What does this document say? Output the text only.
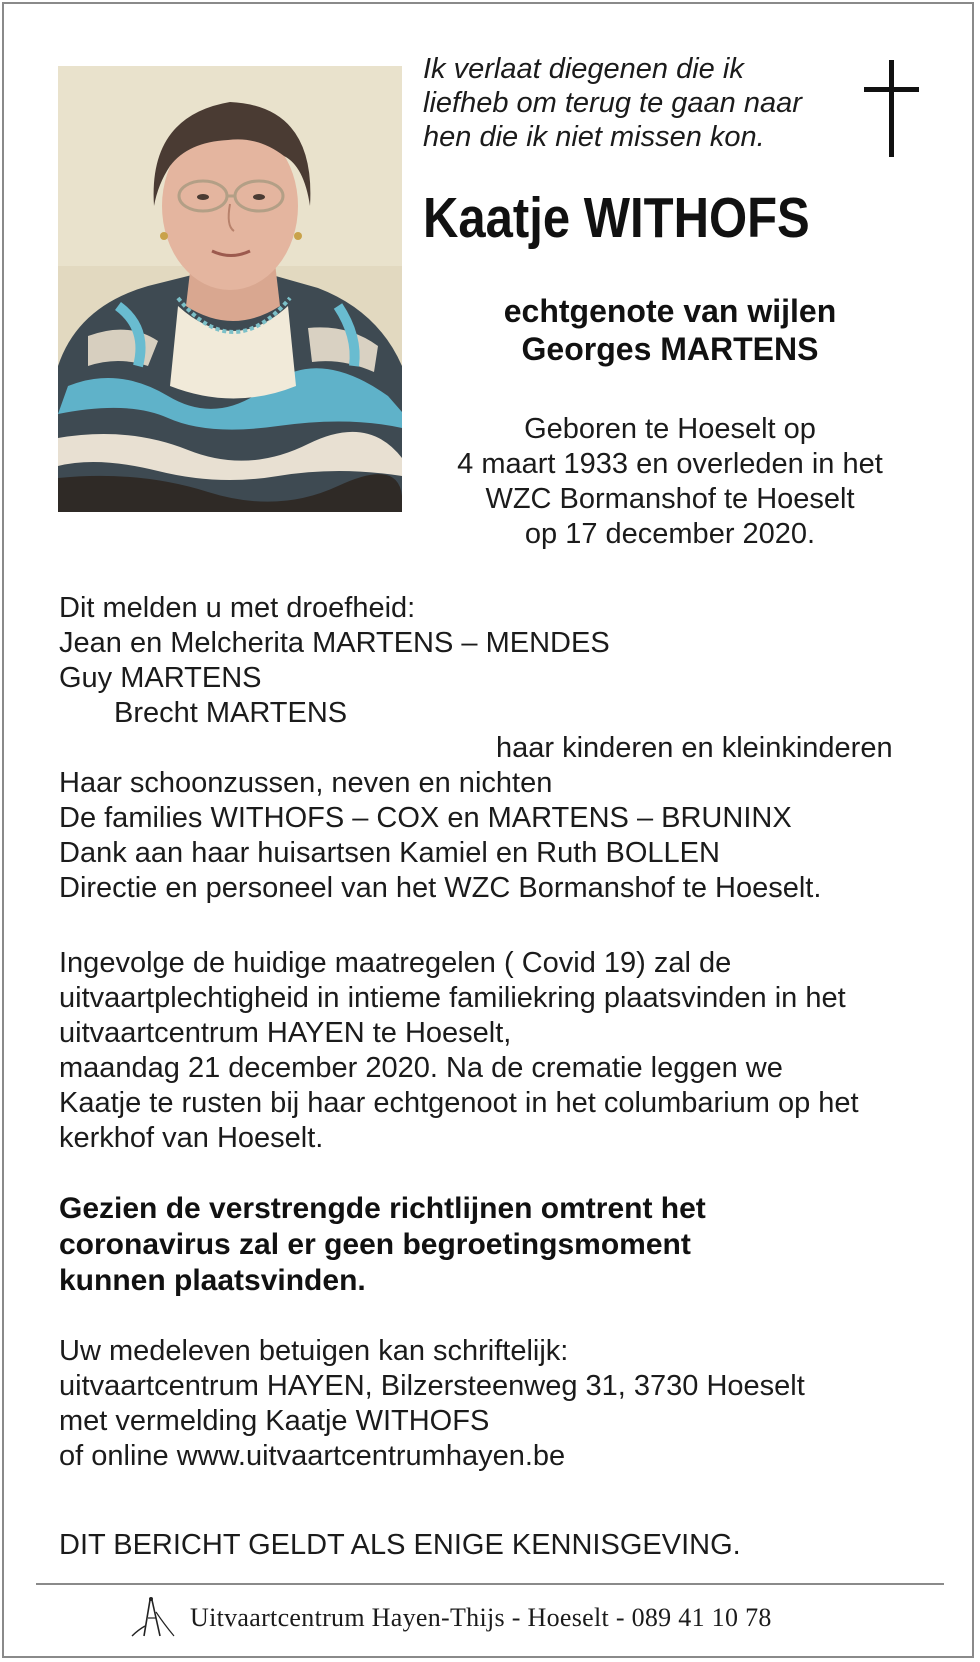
Ik verlaat diegenen die ik
liefheb om terug te gaan naar
hen die ik niet missen kon.
Kaatje WITHOFS
echtgenote van wijlen
Georges MARTENS
Geboren te Hoeselt op
4 maart 1933 en overleden in het
WZC Bormanshof te Hoeselt
op 17 december 2020.
Dit melden u met droefheid:
Jean en Melcherita MARTENS – MENDES
Guy MARTENS
Brecht MARTENS
haar kinderen en kleinkinderen
Haar schoonzussen, neven en nichten
De families WITHOFS – COX en MARTENS – BRUNINX
Dank aan haar huisartsen Kamiel en Ruth BOLLEN
Directie en personeel van het WZC Bormanshof te Hoeselt.
Ingevolge de huidige maatregelen ( Covid 19) zal de
uitvaartplechtigheid in intieme familiekring plaatsvinden in het
uitvaartcentrum HAYEN te Hoeselt,
maandag 21 december 2020. Na de crematie leggen we
Kaatje te rusten bij haar echtgenoot in het columbarium op het
kerkhof van Hoeselt.
Gezien de verstrengde richtlijnen omtrent het
coronavirus zal er geen begroetingsmoment
kunnen plaatsvinden.
Uw medeleven betuigen kan schriftelijk:
uitvaartcentrum HAYEN, Bilzersteenweg 31, 3730 Hoeselt
met vermelding Kaatje WITHOFS
of online www.uitvaartcentrumhayen.be
DIT BERICHT GELDT ALS ENIGE KENNISGEVING.
Uitvaartcentrum Hayen-Thijs - Hoeselt - 089 41 10 78
